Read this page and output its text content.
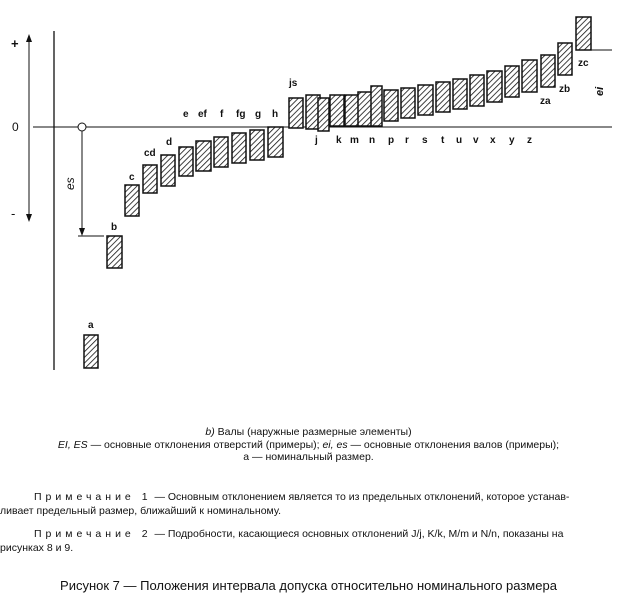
+
0
-
es
ei
a
b
c
cd
d
e ef f fg g h
js
j k m n p r s t u v x y z
za
zb
zc
b) Валы (наружные размерные элементы)
EI, ES — основные отклонения отверстий (примеры); ei, es — основные отклонения валов (примеры);
а — номинальный размер.
Примечание 1 — Основным отклонением является то из предельных отклонений, которое устанав-
ливает предельный размер, ближайший к номинальному.
Примечание 2 — Подробности, касающиеся основных отклонений J/j, K/k, M/m и N/n, показаны на
рисунках 8 и 9.
Рисунок 7 — Положения интервала допуска относительно номинального размера
